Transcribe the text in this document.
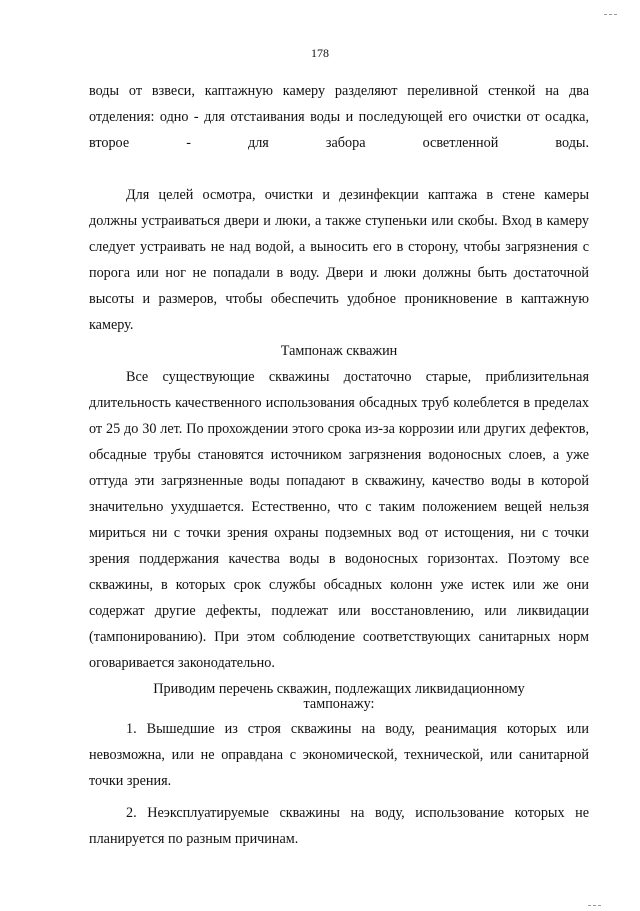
178

воды от взвеси, каптажную камеру разделяют переливной стенкой на два отделения: одно - для отстаивания воды и последующей его очистки от осадка, второе - для забора осветленной воды.

Для целей осмотра, очистки и дезинфекции каптажа в стене камеры должны устраиваться двери и люки, а также ступеньки или скобы. Вход в камеру следует устраивать не над водой, а выносить его в сторону, чтобы загрязнения с порога или ног не попадали в воду. Двери и люки должны быть достаточной высоты и размеров, чтобы обеспечить удобное проникновение в каптажную камеру.

Тампонаж скважин

Все существующие скважины достаточно старые, приблизительная длительность качественного использования обсадных труб колеблется в пределах от 25 до 30 лет. По прохождении этого срока из-за коррозии или других дефектов, обсадные трубы становятся источником загрязнения водоносных слоев, а уже оттуда эти загрязненные воды попадают в скважину, качество воды в которой значительно ухудшается. Естественно, что с таким положением вещей нельзя мириться ни с точки зрения охраны подземных вод от истощения, ни с точки зрения поддержания качества воды в водоносных горизонтах. Поэтому все скважины, в которых срок службы обсадных колонн уже истек или же они содержат другие дефекты, подлежат или восстановлению, или ликвидации (тампонированию). При этом соблюдение соответствующих санитарных норм оговаривается законодательно.

Приводим перечень скважин, подлежащих ликвидационному тампонажу:

1. Вышедшие из строя скважины на воду, реанимация которых или невозможна, или не оправдана с экономической, технической, или санитарной точки зрения.

2. Неэксплуатируемые скважины на воду, использование которых не планируется по разным причинам.
